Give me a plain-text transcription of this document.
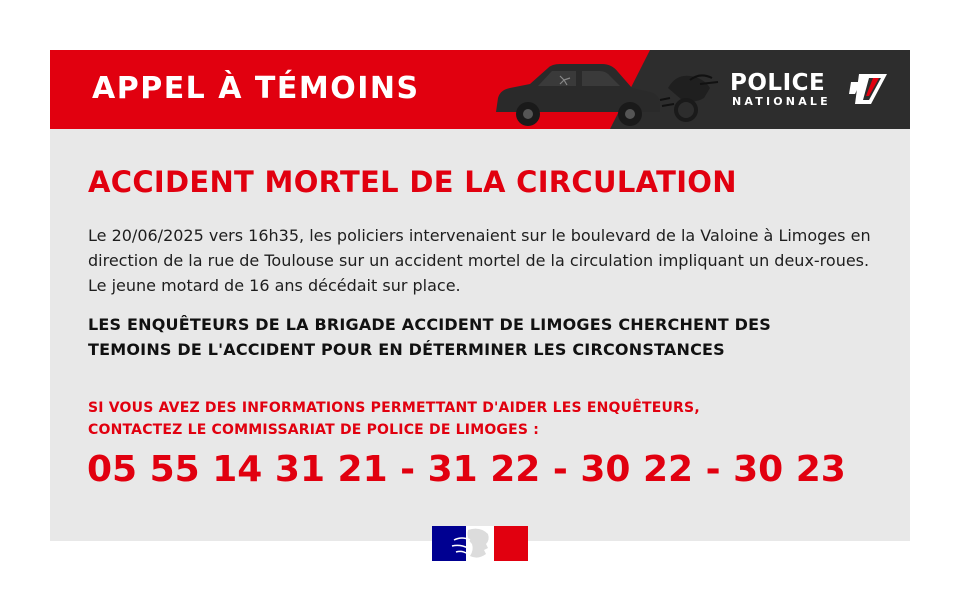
APPEL À TÉMOINS	POLICE
NATIONALE
ACCIDENT MORTEL DE LA CIRCULATION
Le 20/06/2025 vers 16h35, les policiers intervenaient sur le boulevard de la Valoine à Limoges en direction de la rue de Toulouse sur un accident mortel de la circulation impliquant un deux-roues. Le jeune motard de 16 ans décédait sur place.
LES ENQUÊTEURS DE LA BRIGADE ACCIDENT DE LIMOGES CHERCHENT DES
TEMOINS DE L'ACCIDENT POUR EN DÉTERMINER LES CIRCONSTANCES
SI VOUS AVEZ DES INFORMATIONS PERMETTANT D'AIDER LES ENQUÊTEURS,
CONTACTEZ LE COMMISSARIAT DE POLICE DE LIMOGES :
05 55 14 31 21 - 31 22 - 30 22 - 30 23
